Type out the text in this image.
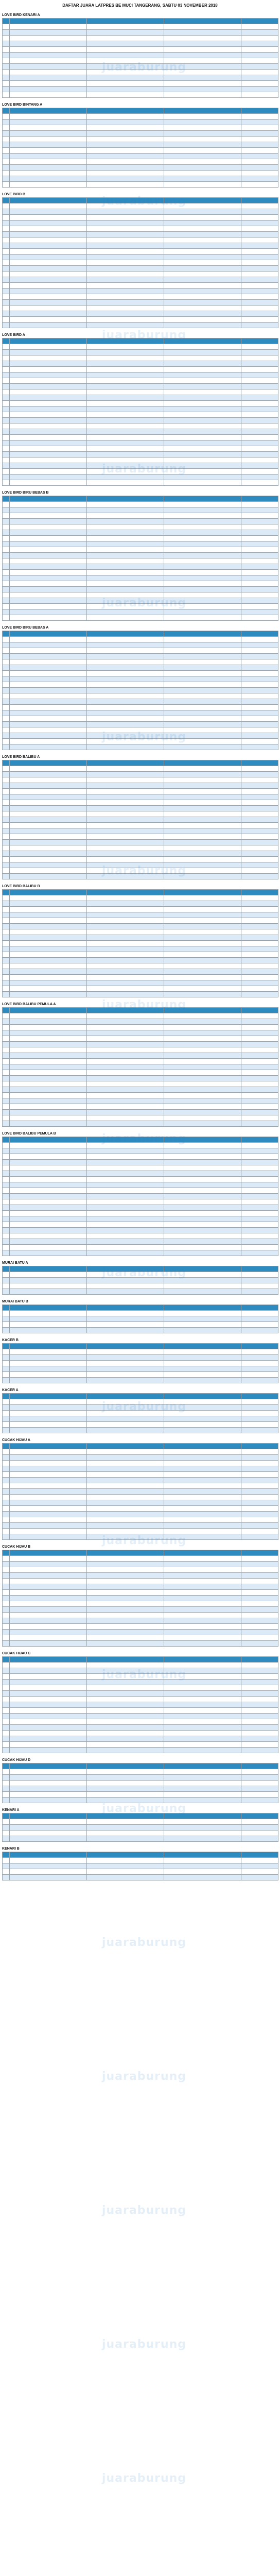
juaraburung
juaraburung
juaraburung
juaraburung
juaraburung
juaraburung
juaraburung
juaraburung
juaraburung
DAFTAR JUARA LATPRES BE MUCI TANGERANG, SABTU 03 NOVEMBER 2018
LOVE BIRD KENARI A

LOVE BIRD BINTANG A

LOVE BIRD B

LOVE BIRD A

LOVE BIRD BIRU BEBAS B

LOVE BIRD BIRU BEBAS A

LOVE BIRD BALIBU A

LOVE BIRD BALIBU B

LOVE BIRD BALIBU PEMULA A

LOVE BIRD BALIBU PEMULA B

MURAI BATU A

MURAI BATU B

KACER B

KACER A

CUCAK HIJAU A

CUCAK HIJAU B

CUCAK HIJAU C

CUCAK HIJAU D

KENARI A

KENARI B
